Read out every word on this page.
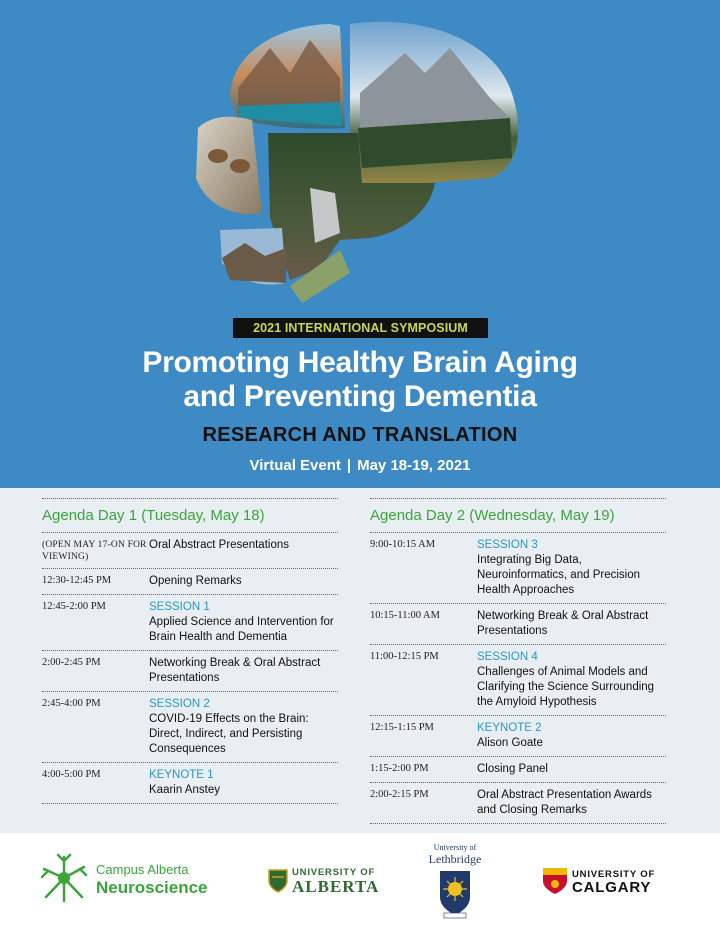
2021 INTERNATIONAL SYMPOSIUM
Promoting Healthy Brain Aging
and Preventing Dementia
RESEARCH AND TRANSLATION
Virtual Event | May 18-19, 2021
Agenda Day 1 (Tuesday, May 18)
(OPEN MAY 17-ON FOR VIEWING)
Oral Abstract Presentations
12:30-12:45 PM	Opening Remarks
12:45-2:00 PM	SESSION 1
Applied Science and Intervention for Brain Health and Dementia
2:00-2:45 PM	Networking Break & Oral Abstract Presentations
2:45-4:00 PM	SESSION 2
COVID-19 Effects on the Brain: Direct, Indirect, and Persisting Consequences
4:00-5:00 PM	KEYNOTE 1
Kaarin Anstey
Agenda Day 2 (Wednesday, May 19)
9:00-10:15 AM	SESSION 3
Integrating Big Data, Neuroinformatics, and Precision Health Approaches
10:15-11:00 AM	Networking Break & Oral Abstract Presentations
11:00-12:15 PM	SESSION 4
Challenges of Animal Models and Clarifying the Science Surrounding the Amyloid Hypothesis
12:15-1:15 PM	KEYNOTE 2
Alison Goate
1:15-2:00 PM	Closing Panel
2:00-2:15 PM	Oral Abstract Presentation Awards and Closing Remarks
Campus Alberta
Neuroscience
UNIVERSITY OF
ALBERTA
University of
Lethbridge
UNIVERSITY OF
CALGARY
